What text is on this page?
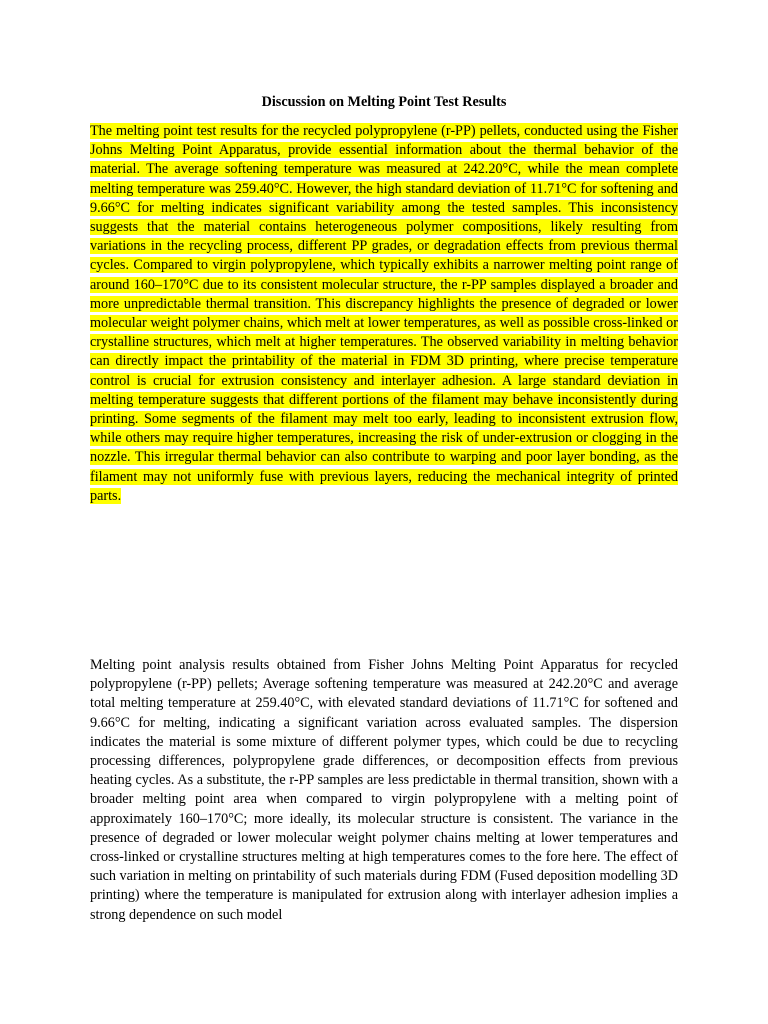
Discussion on Melting Point Test Results

The melting point test results for the recycled polypropylene (r-PP) pellets, conducted using the Fisher Johns Melting Point Apparatus, provide essential information about the thermal behavior of the material. The average softening temperature was measured at 242.20°C, while the mean complete melting temperature was 259.40°C. However, the high standard deviation of 11.71°C for softening and 9.66°C for melting indicates significant variability among the tested samples. This inconsistency suggests that the material contains heterogeneous polymer compositions, likely resulting from variations in the recycling process, different PP grades, or degradation effects from previous thermal cycles. Compared to virgin polypropylene, which typically exhibits a narrower melting point range of around 160–170°C due to its consistent molecular structure, the r-PP samples displayed a broader and more unpredictable thermal transition. This discrepancy highlights the presence of degraded or lower molecular weight polymer chains, which melt at lower temperatures, as well as possible cross-linked or crystalline structures, which melt at higher temperatures. The observed variability in melting behavior can directly impact the printability of the material in FDM 3D printing, where precise temperature control is crucial for extrusion consistency and interlayer adhesion. A large standard deviation in melting temperature suggests that different portions of the filament may behave inconsistently during printing. Some segments of the filament may melt too early, leading to inconsistent extrusion flow, while others may require higher temperatures, increasing the risk of under-extrusion or clogging in the nozzle. This irregular thermal behavior can also contribute to warping and poor layer bonding, as the filament may not uniformly fuse with previous layers, reducing the mechanical integrity of printed parts.

Melting point analysis results obtained from Fisher Johns Melting Point Apparatus for recycled polypropylene (r-PP) pellets; Average softening temperature was measured at 242.20°C and average total melting temperature at 259.40°C, with elevated standard deviations of 11.71°C for softened and 9.66°C for melting, indicating a significant variation across evaluated samples. The dispersion indicates the material is some mixture of different polymer types, which could be due to recycling processing differences, polypropylene grade differences, or decomposition effects from previous heating cycles. As a substitute, the r-PP samples are less predictable in thermal transition, shown with a broader melting point area when compared to virgin polypropylene with a melting point of approximately 160–170°C; more ideally, its molecular structure is consistent. The variance in the presence of degraded or lower molecular weight polymer chains melting at lower temperatures and cross-linked or crystalline structures melting at high temperatures comes to the fore here. The effect of such variation in melting on printability of such materials during FDM (Fused deposition modelling 3D printing) where the temperature is manipulated for extrusion along with interlayer adhesion implies a strong dependence on such model
